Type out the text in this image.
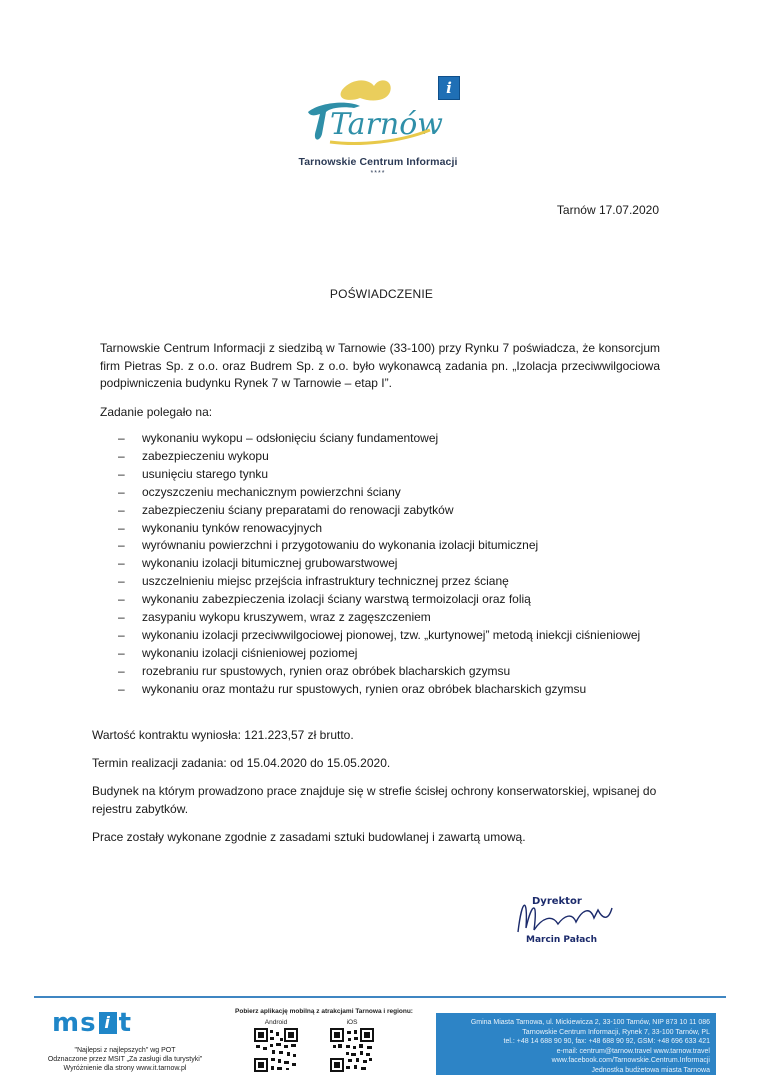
Tarnów
i
Tarnowskie Centrum Informacji
****
Tarnów 17.07.2020
POŚWIADCZENIE
Tarnowskie Centrum Informacji z siedzibą w Tarnowie (33-100) przy Rynku 7 poświadcza, że konsorcjum firm Pietras Sp. z o.o. oraz Budrem Sp. z o.o. było wykonawcą zadania pn. „Izolacja przeciwwilgociowa podpiwniczenia budynku Rynek 7 w Tarnowie – etap I”.
Zadanie polegało na:
– wykonaniu wykopu – odsłonięciu ściany fundamentowej
– zabezpieczeniu wykopu
– usunięciu starego tynku
– oczyszczeniu mechanicznym powierzchni ściany
– zabezpieczeniu ściany preparatami do renowacji zabytków
– wykonaniu tynków renowacyjnych
– wyrównaniu powierzchni i przygotowaniu do wykonania izolacji bitumicznej
– wykonaniu izolacji bitumicznej grubowarstwowej
– uszczelnieniu miejsc przejścia infrastruktury technicznej przez ścianę
– wykonaniu zabezpieczenia izolacji ściany warstwą termoizolacji oraz folią
– zasypaniu wykopu kruszywem, wraz z zagęszczeniem
– wykonaniu izolacji przeciwwilgociowej pionowej, tzw. „kurtynowej” metodą iniekcji ciśnieniowej
– wykonaniu izolacji ciśnieniowej poziomej
– rozebraniu rur spustowych, rynien oraz obróbek blacharskich gzymsu
– wykonaniu oraz montażu rur spustowych, rynien oraz obróbek blacharskich gzymsu
Wartość kontraktu wyniosła: 121.223,57 zł brutto.
Termin realizacji zadania: od 15.04.2020 do 15.05.2020.
Budynek na którym prowadzono prace znajduje się w strefie ścisłej ochrony konserwatorskiej, wpisanej do rejestru zabytków.
Prace zostały wykonane zgodnie z zasadami sztuki budowlanej i zawartą umową.
Dyrektor
Marcin Pałach
ms i t
"Najlepsi z najlepszych" wg POT
Odznaczone przez MSIT „Za zasługi dla turystyki”
Wyróżnienie dla strony www.it.tarnow.pl
Pobierz aplikację mobilną z atrakcjami Tarnowa i regionu:
Android	iOS	Gmina Miasta Tarnowa, ul. Mickiewicza 2, 33-100 Tarnów, NIP 873 10 11 086
Tarnowskie Centrum Informacji, Rynek 7, 33-100 Tarnów, PL
tel.: +48 14 688 90 90, fax: +48 688 90 92, GSM: +48 696 633 421
e-mail: centrum@tarnow.travel www.tarnow.travel
www.facebook.com/Tarnowskie.Centrum.Informacji
Jednostka budżetowa miasta Tarnowa
